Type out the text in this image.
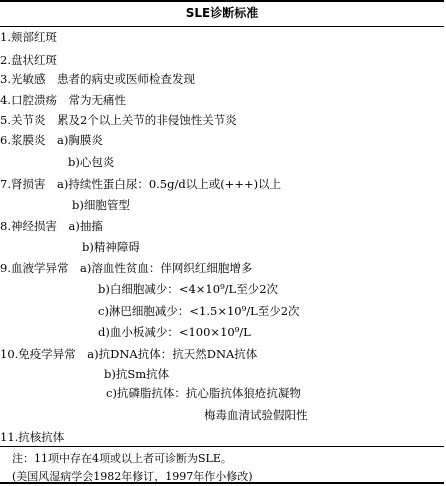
SLE诊断标准
1.颊部红斑
2.盘状红斑
3.光敏感　患者的病史或医师检查发现
4.口腔溃疡　常为无痛性
5.关节炎　累及2个以上关节的非侵蚀性关节炎
6.浆膜炎　a)胸膜炎
b)心包炎
7.肾损害　a)持续性蛋白尿：0.5g/d以上或(+++)以上
b)细胞管型
8.神经损害　a)抽搐
b)精神障碍
9.血液学异常　a)溶血性贫血：伴网织红细胞增多
b)白细胞减少：<4×10⁹/L至少2次
c)淋巴细胞减少：<1.5×10⁹/L至少2次
d)血小板减少：<100×10⁹/L
10.免疫学异常　a)抗DNA抗体：抗天然DNA抗体
b)抗Sm抗体
c)抗磷脂抗体：抗心脂抗体狼疮抗凝物
梅毒血清试验假阳性
11.抗核抗体
注：11项中存在4项或以上者可诊断为SLE。
(美国风湿病学会1982年修订，1997年作小修改)
